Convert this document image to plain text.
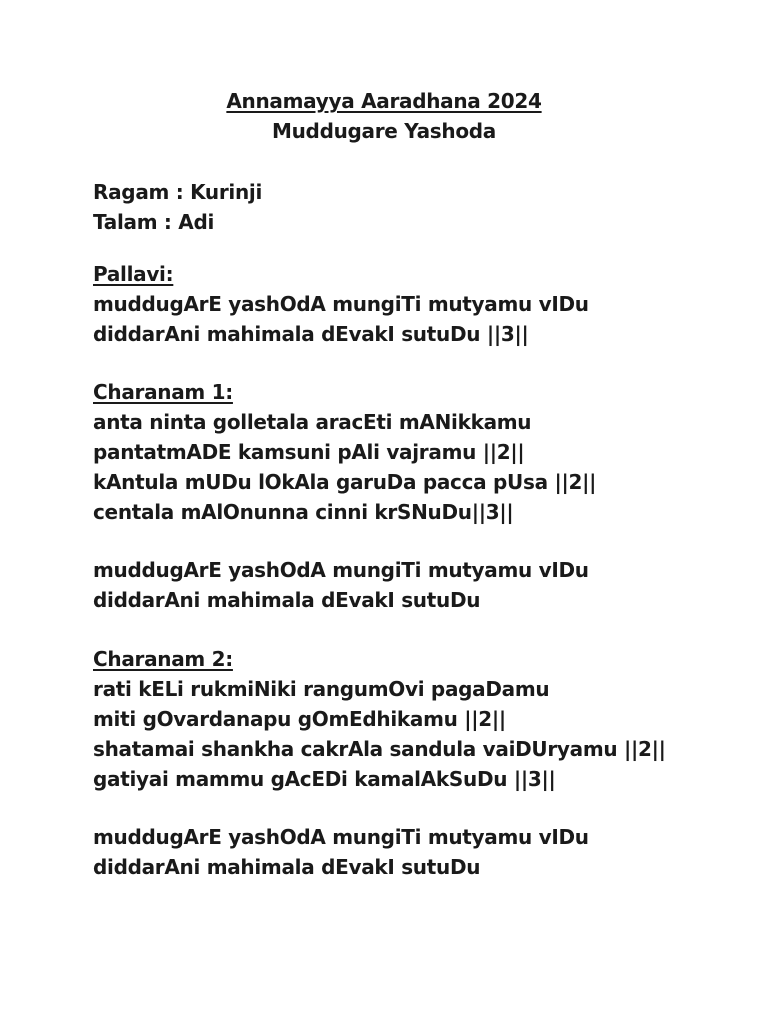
Annamayya Aaradhana 2024
Muddugare Yashoda
Ragam : Kurinji
Talam : Adi
Pallavi:
muddugArE yashOdA mungiTi mutyamu vIDu
diddarAni mahimala dEvakI sutuDu ||3||
Charanam 1:
anta ninta golletala aracEti mANikkamu
pantatmADE kamsuni pAli vajramu ||2||
kAntula mUDu lOkAla garuDa pacca pUsa ||2||
centala mAlOnunna cinni krSNuDu||3||
muddugArE yashOdA mungiTi mutyamu vIDu
diddarAni mahimala dEvakI sutuDu
Charanam 2:
rati kELi rukmiNiki rangumOvi pagaDamu
miti gOvardanapu gOmEdhikamu ||2||
shatamai shankha cakrAla sandula vaiDUryamu ||2||
gatiyai mammu gAcEDi kamalAkSuDu ||3||
muddugArE yashOdA mungiTi mutyamu vIDu
diddarAni mahimala dEvakI sutuDu
